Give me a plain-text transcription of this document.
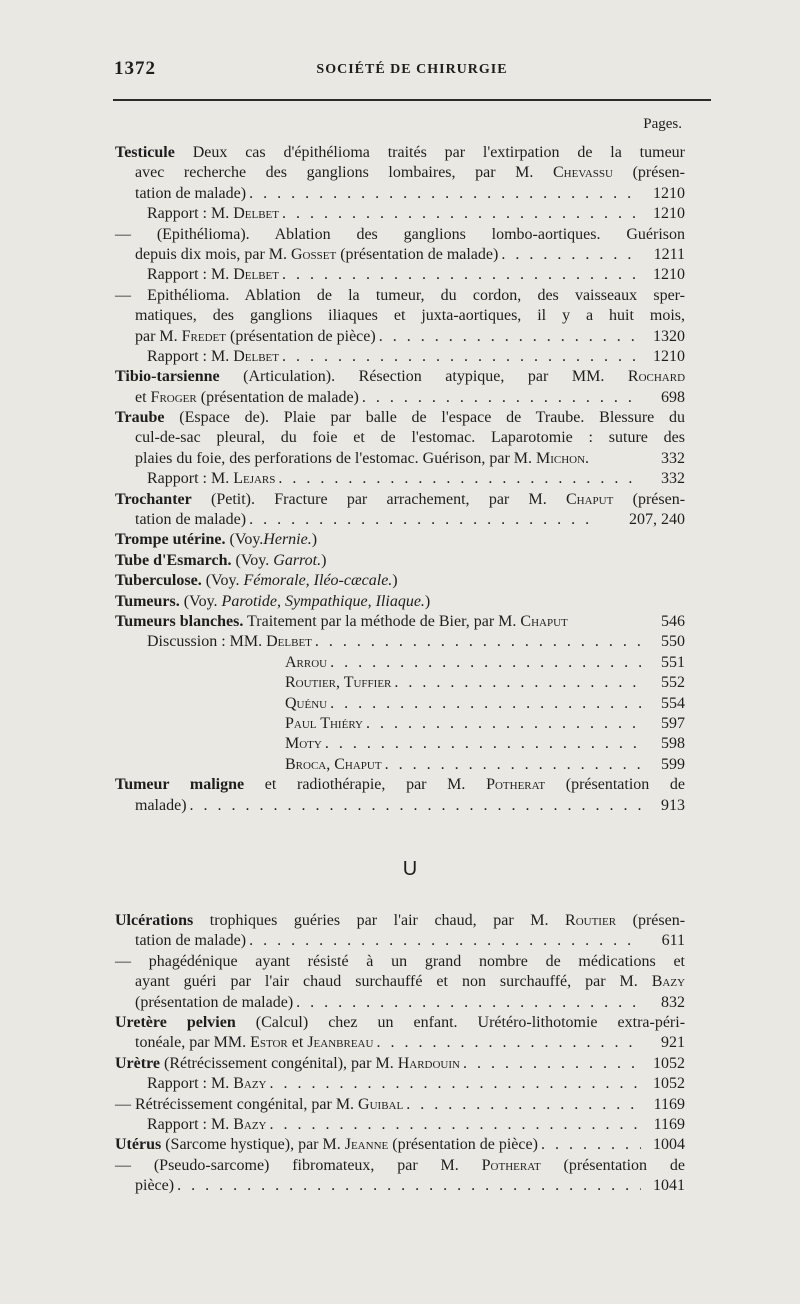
1372	SOCIÉTÉ DE CHIRURGIE
Pages.
Testicule Deux cas d'épithélioma traités par l'extirpation de la tumeur
avec recherche des ganglions lombaires, par M. Chevassu (présen-
tation de malade) . . .	1210
Rapport : M. Delbet . . .	1210
— (Epithélioma). Ablation des ganglions lombo-aortiques. Guérison
depuis dix mois, par M. Gosset (présentation de malade) . . .	1211
Rapport : M. Delbet . . .	1210
— Epithélioma. Ablation de la tumeur, du cordon, des vaisseaux sper-
matiques, des ganglions iliaques et juxta-aortiques, il y a huit mois,
par M. Fredet (présentation de pièce) . . .	1320
Rapport : M. Delbet . . .	1210
Tibio-tarsienne (Articulation). Résection atypique, par MM. Rochard
et Froger (présentation de malade) . . .	698
Traube (Espace de). Plaie par balle de l'espace de Traube. Blessure du
cul-de-sac pleural, du foie et de l'estomac. Laparotomie : suture des
plaies du foie, des perforations de l'estomac. Guérison, par M. Michon.	332
Rapport : M. Lejars . . .	332
Trochanter (Petit). Fracture par arrachement, par M. Chaput (présen-
tation de malade) . . .	207, 240
Trompe utérine. (Voy.Hernie.)
Tube d'Esmarch. (Voy. Garrot.)
Tuberculose. (Voy. Fémorale, Iléo-cæcale.)
Tumeurs. (Voy. Parotide, Sympathique, Iliaque.)
Tumeurs blanches. Traitement par la méthode de Bier, par M. Chaput	546
Discussion : MM. Delbet . . .	550
Arrou . . .	551
Routier, Tuffier . . .	552
Quénu . . .	554
Paul Thiéry . . .	597
Moty . . .	598
Broca, Chaput . . .	599
Tumeur maligne et radiothérapie, par M. Potherat (présentation de
malade) . . .	913
U
Ulcérations trophiques guéries par l'air chaud, par M. Routier (présen-
tation de malade) . . .	611
— phagédénique ayant résisté à un grand nombre de médications et
ayant guéri par l'air chaud surchauffé et non surchauffé, par M. Bazy
(présentation de malade) . . .	832
Uretère pelvien (Calcul) chez un enfant. Urétéro-lithotomie extra-péri-
tonéale, par MM. Estor et Jeanbreau . . .	921
Urètre (Rétrécissement congénital), par M. Hardouin . . .	1052
Rapport : M. Bazy . . .	1052
— Rétrécissement congénital, par M. Guibal . . .	1169
Rapport : M. Bazy . . .	1169
Utérus (Sarcome hystique), par M. Jeanne (présentation de pièce) . . .	1004
— (Pseudo-sarcome) fibromateux, par M. Potherat (présentation de
pièce) . . .	1041
